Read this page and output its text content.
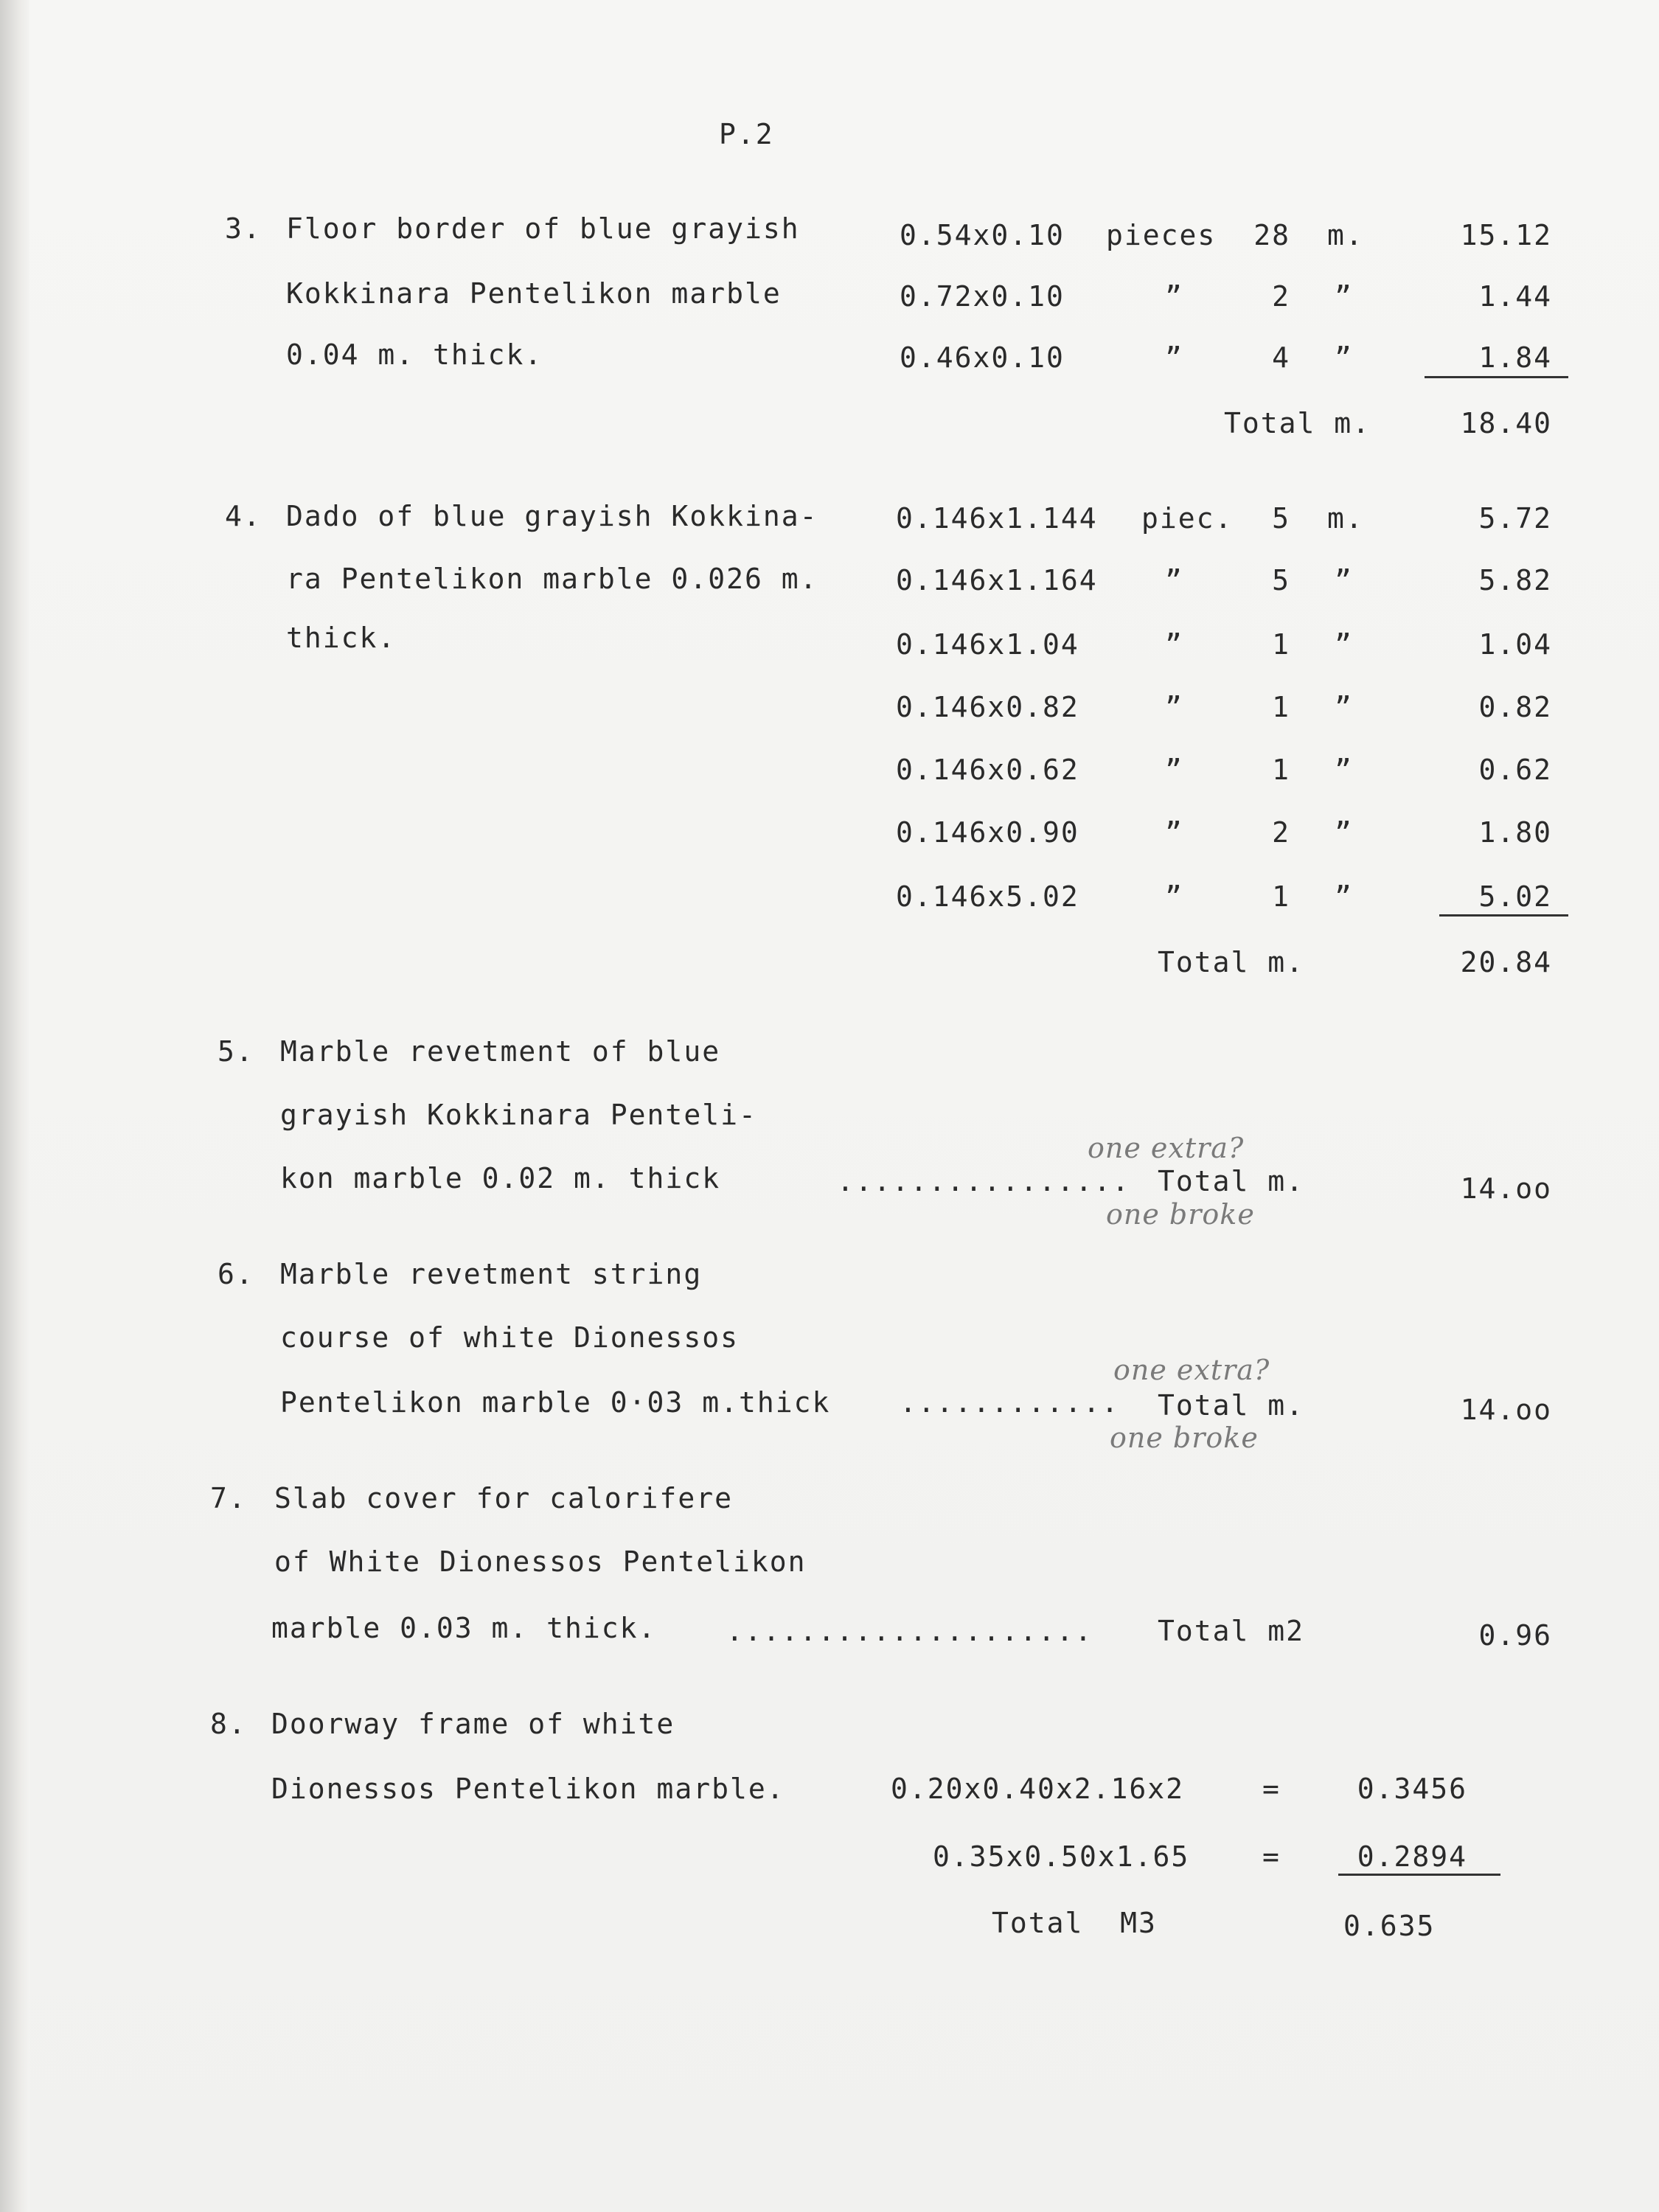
P.2
3. Floor border of blue grayish
Kokkinara Pentelikon marble
0.04 m. thick.
0.54x0.10 pieces 28 m.	15.12
0.72x0.10	”	2 ”	1.44
0.46x0.10	”	4 ”	1.84
Total m.	18.40
4. Dado of blue grayish Kokkina-
ra Pentelikon marble 0.026 m.
thick.
0.146x1.144 piec.	5 m.	5.72
0.146x1.164 ”	5 ”	5.82
0.146x1.04	”	1 ”	1.04
0.146x0.82	”	1 ”	0.82
0.146x0.62	”	1 ”	0.62
0.146x0.90	”	2 ”	1.80
0.146x5.02	”	1 ”	5.02
Total m.	20.84
5. Marble revetment of blue
grayish Kokkinara Penteli-
kon marble 0.02 m. thick	................ Total m.	14.oo
one extra?
one broke
6. Marble revetment string
course of white Dionessos
Pentelikon marble 0·03 m.thick ............ Total m.	14.oo
one extra?
one broke
7. Slab cover for calorifere
of White Dionessos Pentelikon
marble 0.03 m. thick. .................... Total m2	0.96
8. Doorway frame of white
Dionessos Pentelikon marble.	0.20x0.40x2.16x2	=	0.3456
0.35x0.50x1.65	=	0.2894
Total  M3	0.635
